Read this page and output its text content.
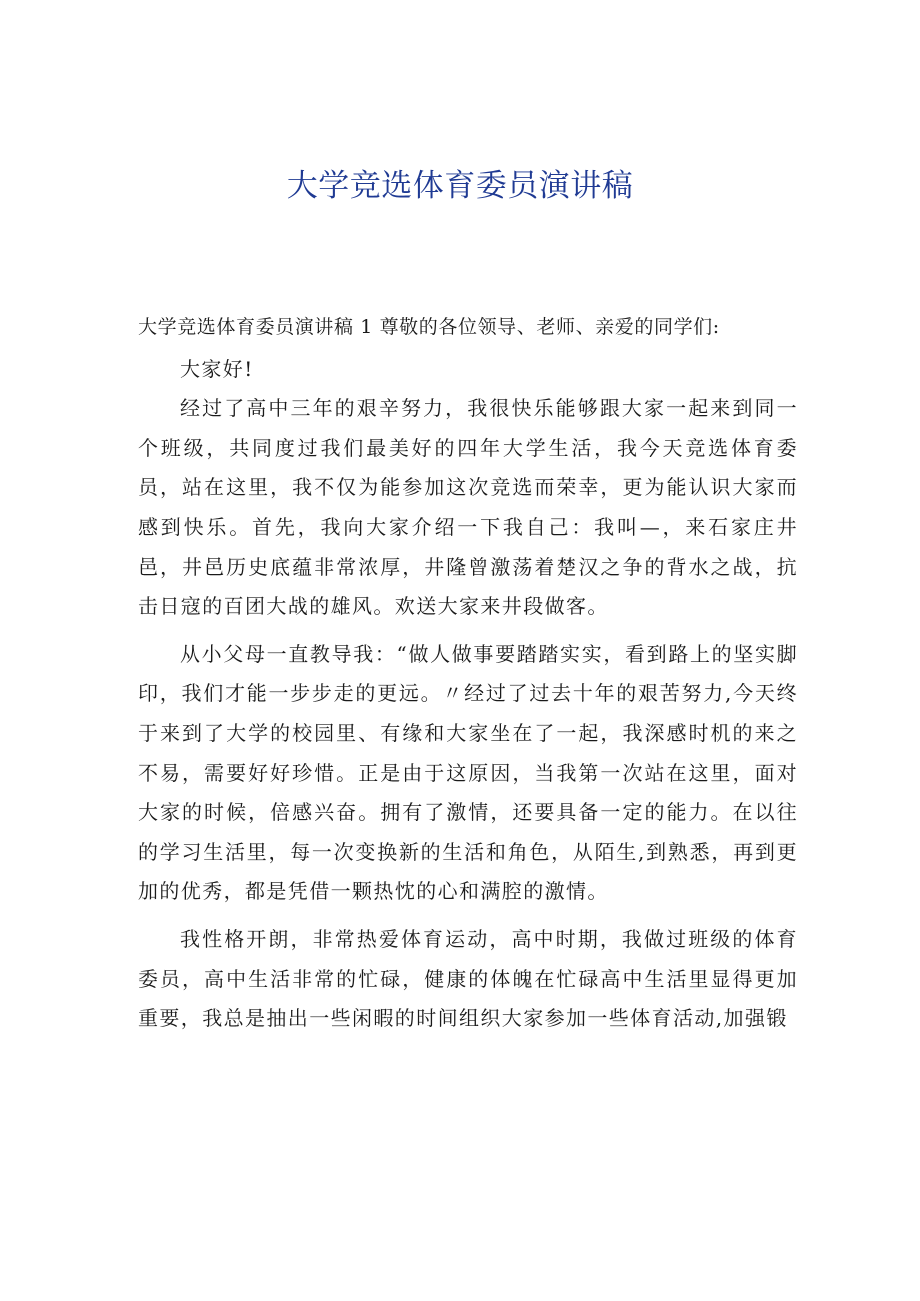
大学竞选体育委员演讲稿

大学竞选体育委员演讲稿 1 尊敬的各位领导、老师、亲爱的同学们:

大家好!

经过了高中三年的艰辛努力，我很快乐能够跟大家一起来到同一个班级，共同度过我们最美好的四年大学生活，我今天竞选体育委员，站在这里，我不仅为能参加这次竞选而荣幸，更为能认识大家而感到快乐。首先，我向大家介绍一下我自己：我叫—，来石家庄井邑，井邑历史底蕴非常浓厚，井隆曾激荡着楚汉之争的背水之战，抗击日寇的百团大战的雄风。欢送大家来井段做客。

从小父母一直教导我：“做人做事要踏踏实实，看到路上的坚实脚印，我们才能一步步走的更远。〃经过了过去十年的艰苦努力,今天终于来到了大学的校园里、有缘和大家坐在了一起，我深感时机的来之不易，需要好好珍惜。正是由于这原因，当我第一次站在这里，面对大家的时候，倍感兴奋。拥有了激情，还要具备一定的能力。在以往的学习生活里，每一次变换新的生活和角色，从陌生,到熟悉，再到更加的优秀，都是凭借一颗热忱的心和满腔的激情。

我性格开朗，非常热爱体育运动，高中时期，我做过班级的体育委员，高中生活非常的忙碌，健康的体魄在忙碌高中生活里显得更加重要，我总是抽出一些闲暇的时间组织大家参加一些体育活动,加强锻
